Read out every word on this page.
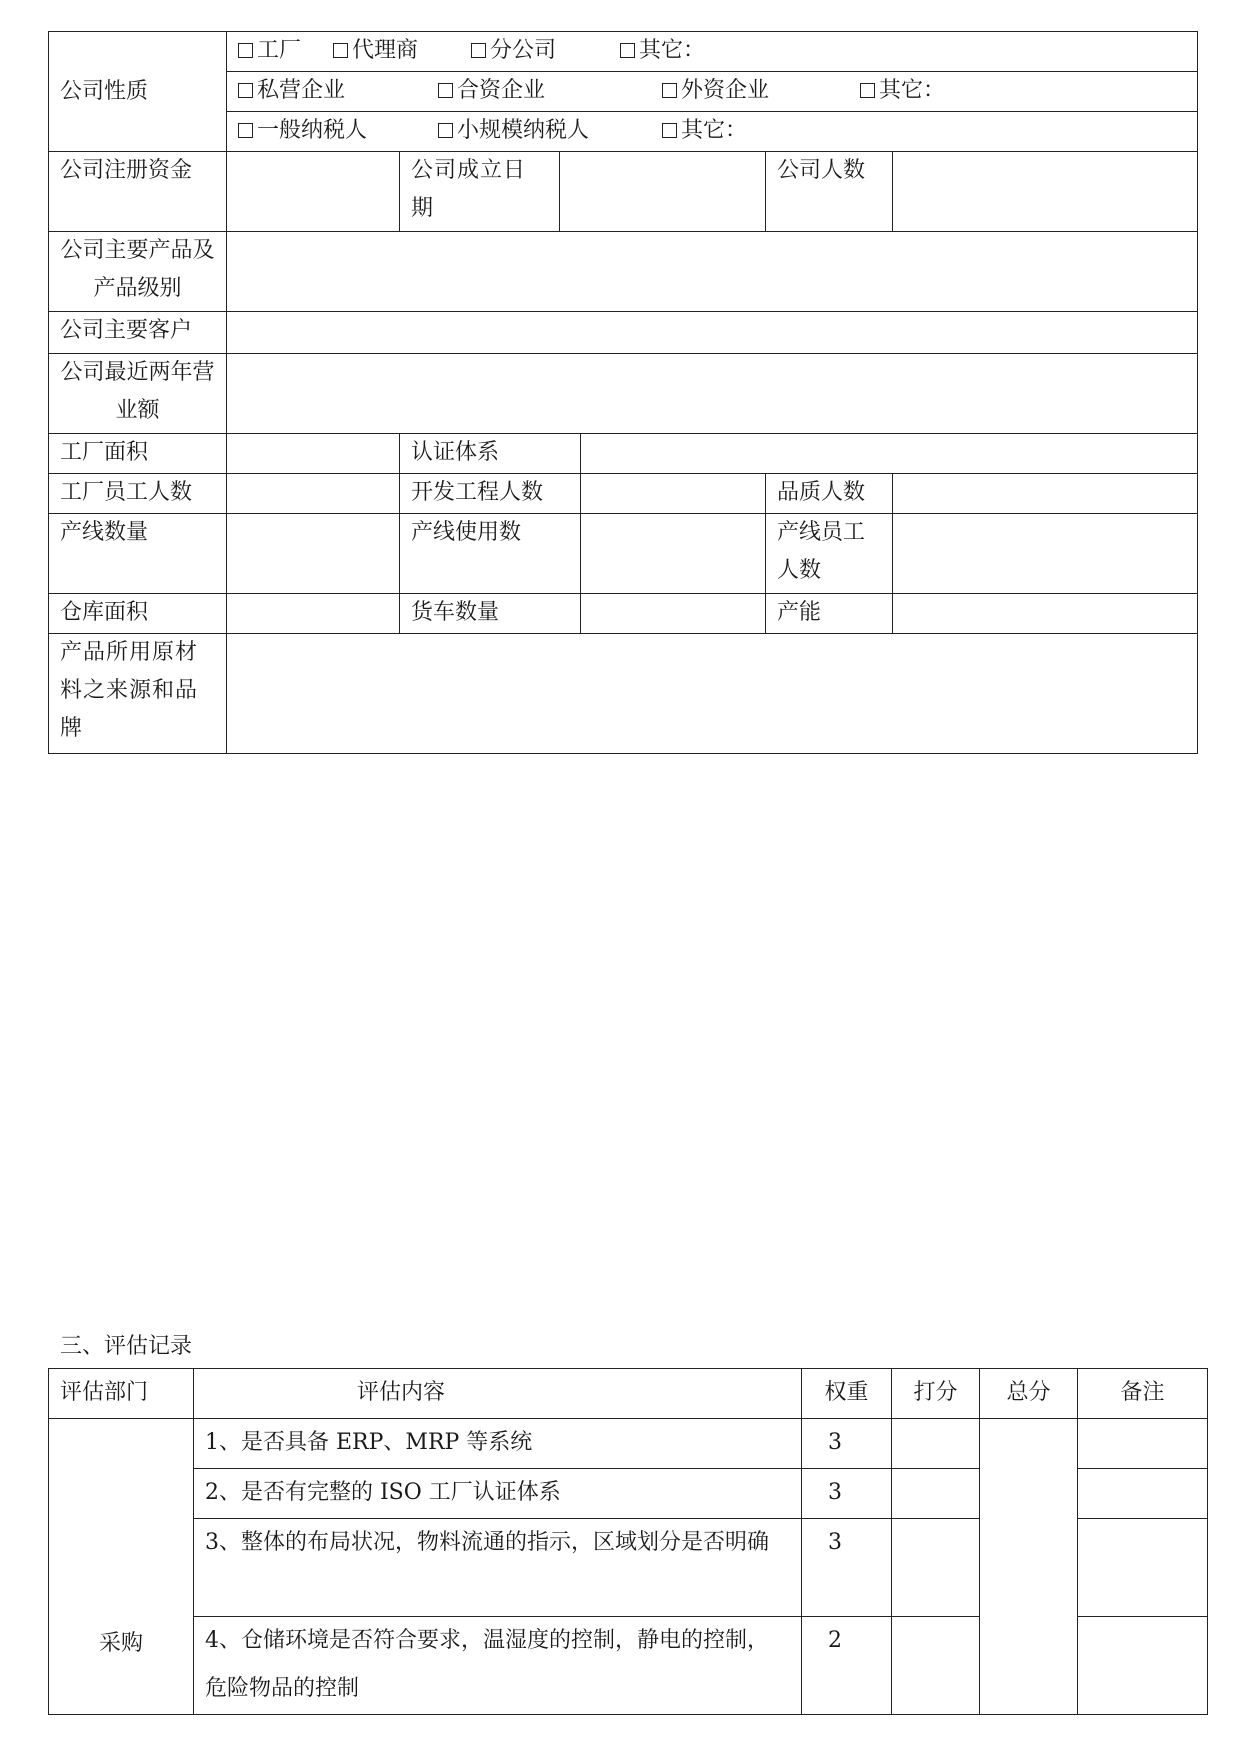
公司性质	工厂 代理商 分公司 其它：					
	私营企业 合资企业 外资企业 其它：					
	一般纳税人 小规模纳税人 其它：					
公司注册资金		公司成立日期			公司人数	
公司主要产品及产品级别						
公司主要客户						
公司最近两年营业额						
工厂面积		认证体系				
工厂员工人数		开发工程人数			品质人数	
产线数量		产线使用数			产线员工人数	
仓库面积		货车数量			产能	
产品所用原材料之来源和品牌						
三、评估记录
评估部门	评估内容	权重	打分	总分	备注
采购	1、是否具备 ERP、MRP 等系统	3			
	2、是否有完整的 ISO 工厂认证体系	3			
	3、整体的布局状况，物料流通的指示，区域划分是否明确	3			
	4、仓储环境是否符合要求，温湿度的控制，静电的控制，危险物品的控制	2			
